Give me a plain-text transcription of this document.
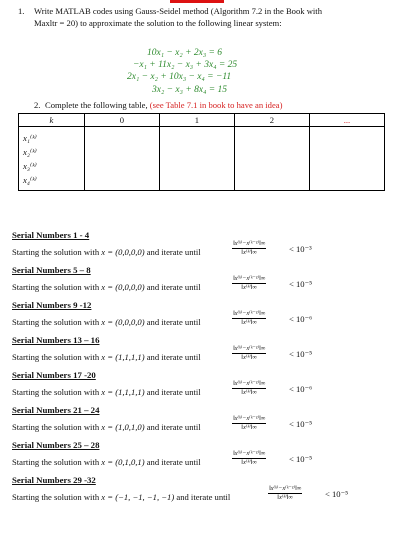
1. Write MATLAB codes using Gauss-Seidel method (Algorithm 7.2 in the Book with
Maxltr = 20) to approximate the solution to the following linear system:
10x₁ − x₂ + 2x₃ = 6
−x₁ + 11x₂ − x₃ + 3x₄ = 25
2x₁ − x₂ + 10x₃ − x₄ = −11
3x₂ − x₃ + 8x₄ = 15
2. Complete the following table, (see Table 7.1 in book to have an idea)
k	0	1	2	...

x₁⁽ᵏ⁾
x₂⁽ᵏ⁾
x₃⁽ᵏ⁾
x₄⁽ᵏ⁾				

Serial Numbers 1 - 4
Starting the solution with x = (0,0,0,0) and iterate until	$\frac{\text{‖x⁽ᵏ⁾−x⁽ᵏ⁻¹⁾‖∞}}{\text{‖x⁽ᵏ⁾‖∞}}$	< 10⁻³
Serial Numbers 5 – 8
Starting the solution with x = (0,0,0,0) and iterate until	$\frac{\text{‖x⁽ᵏ⁾−x⁽ᵏ⁻¹⁾‖∞}}{\text{‖x⁽ᵏ⁾‖∞}}$	< 10⁻⁵
Serial Numbers 9 -12
Starting the solution with x = (0,0,0,0) and iterate until	$\frac{\text{‖x⁽ᵏ⁾−x⁽ᵏ⁻¹⁾‖∞}}{\text{‖x⁽ᵏ⁾‖∞}}$	< 10⁻⁶
Serial Numbers 13 – 16
Starting the solution with x = (1,1,1,1) and iterate until	$\frac{\text{‖x⁽ᵏ⁾−x⁽ᵏ⁻¹⁾‖∞}}{\text{‖x⁽ᵏ⁾‖∞}}$	< 10⁻⁵
Serial Numbers 17 -20
Starting the solution with x = (1,1,1,1) and iterate until	$\frac{\text{‖x⁽ᵏ⁾−x⁽ᵏ⁻¹⁾‖∞}}{\text{‖x⁽ᵏ⁾‖∞}}$	< 10⁻⁶
Serial Numbers 21 – 24
Starting the solution with x = (1,0,1,0) and iterate until	$\frac{\text{‖x⁽ᵏ⁾−x⁽ᵏ⁻¹⁾‖∞}}{\text{‖x⁽ᵏ⁾‖∞}}$	< 10⁻⁵
Serial Numbers 25 – 28
Starting the solution with x = (0,1,0,1) and iterate until	$\frac{\text{‖x⁽ᵏ⁾−x⁽ᵏ⁻¹⁾‖∞}}{\text{‖x⁽ᵏ⁾‖∞}}$	< 10⁻⁵
Serial Numbers 29 -32
Starting the solution with x = (−1, −1, −1, −1) and iterate until	$\frac{\text{‖x⁽ᵏ⁾−x⁽ᵏ⁻¹⁾‖∞}}{\text{‖x⁽ᵏ⁾‖∞}}$	< 10⁻⁵
